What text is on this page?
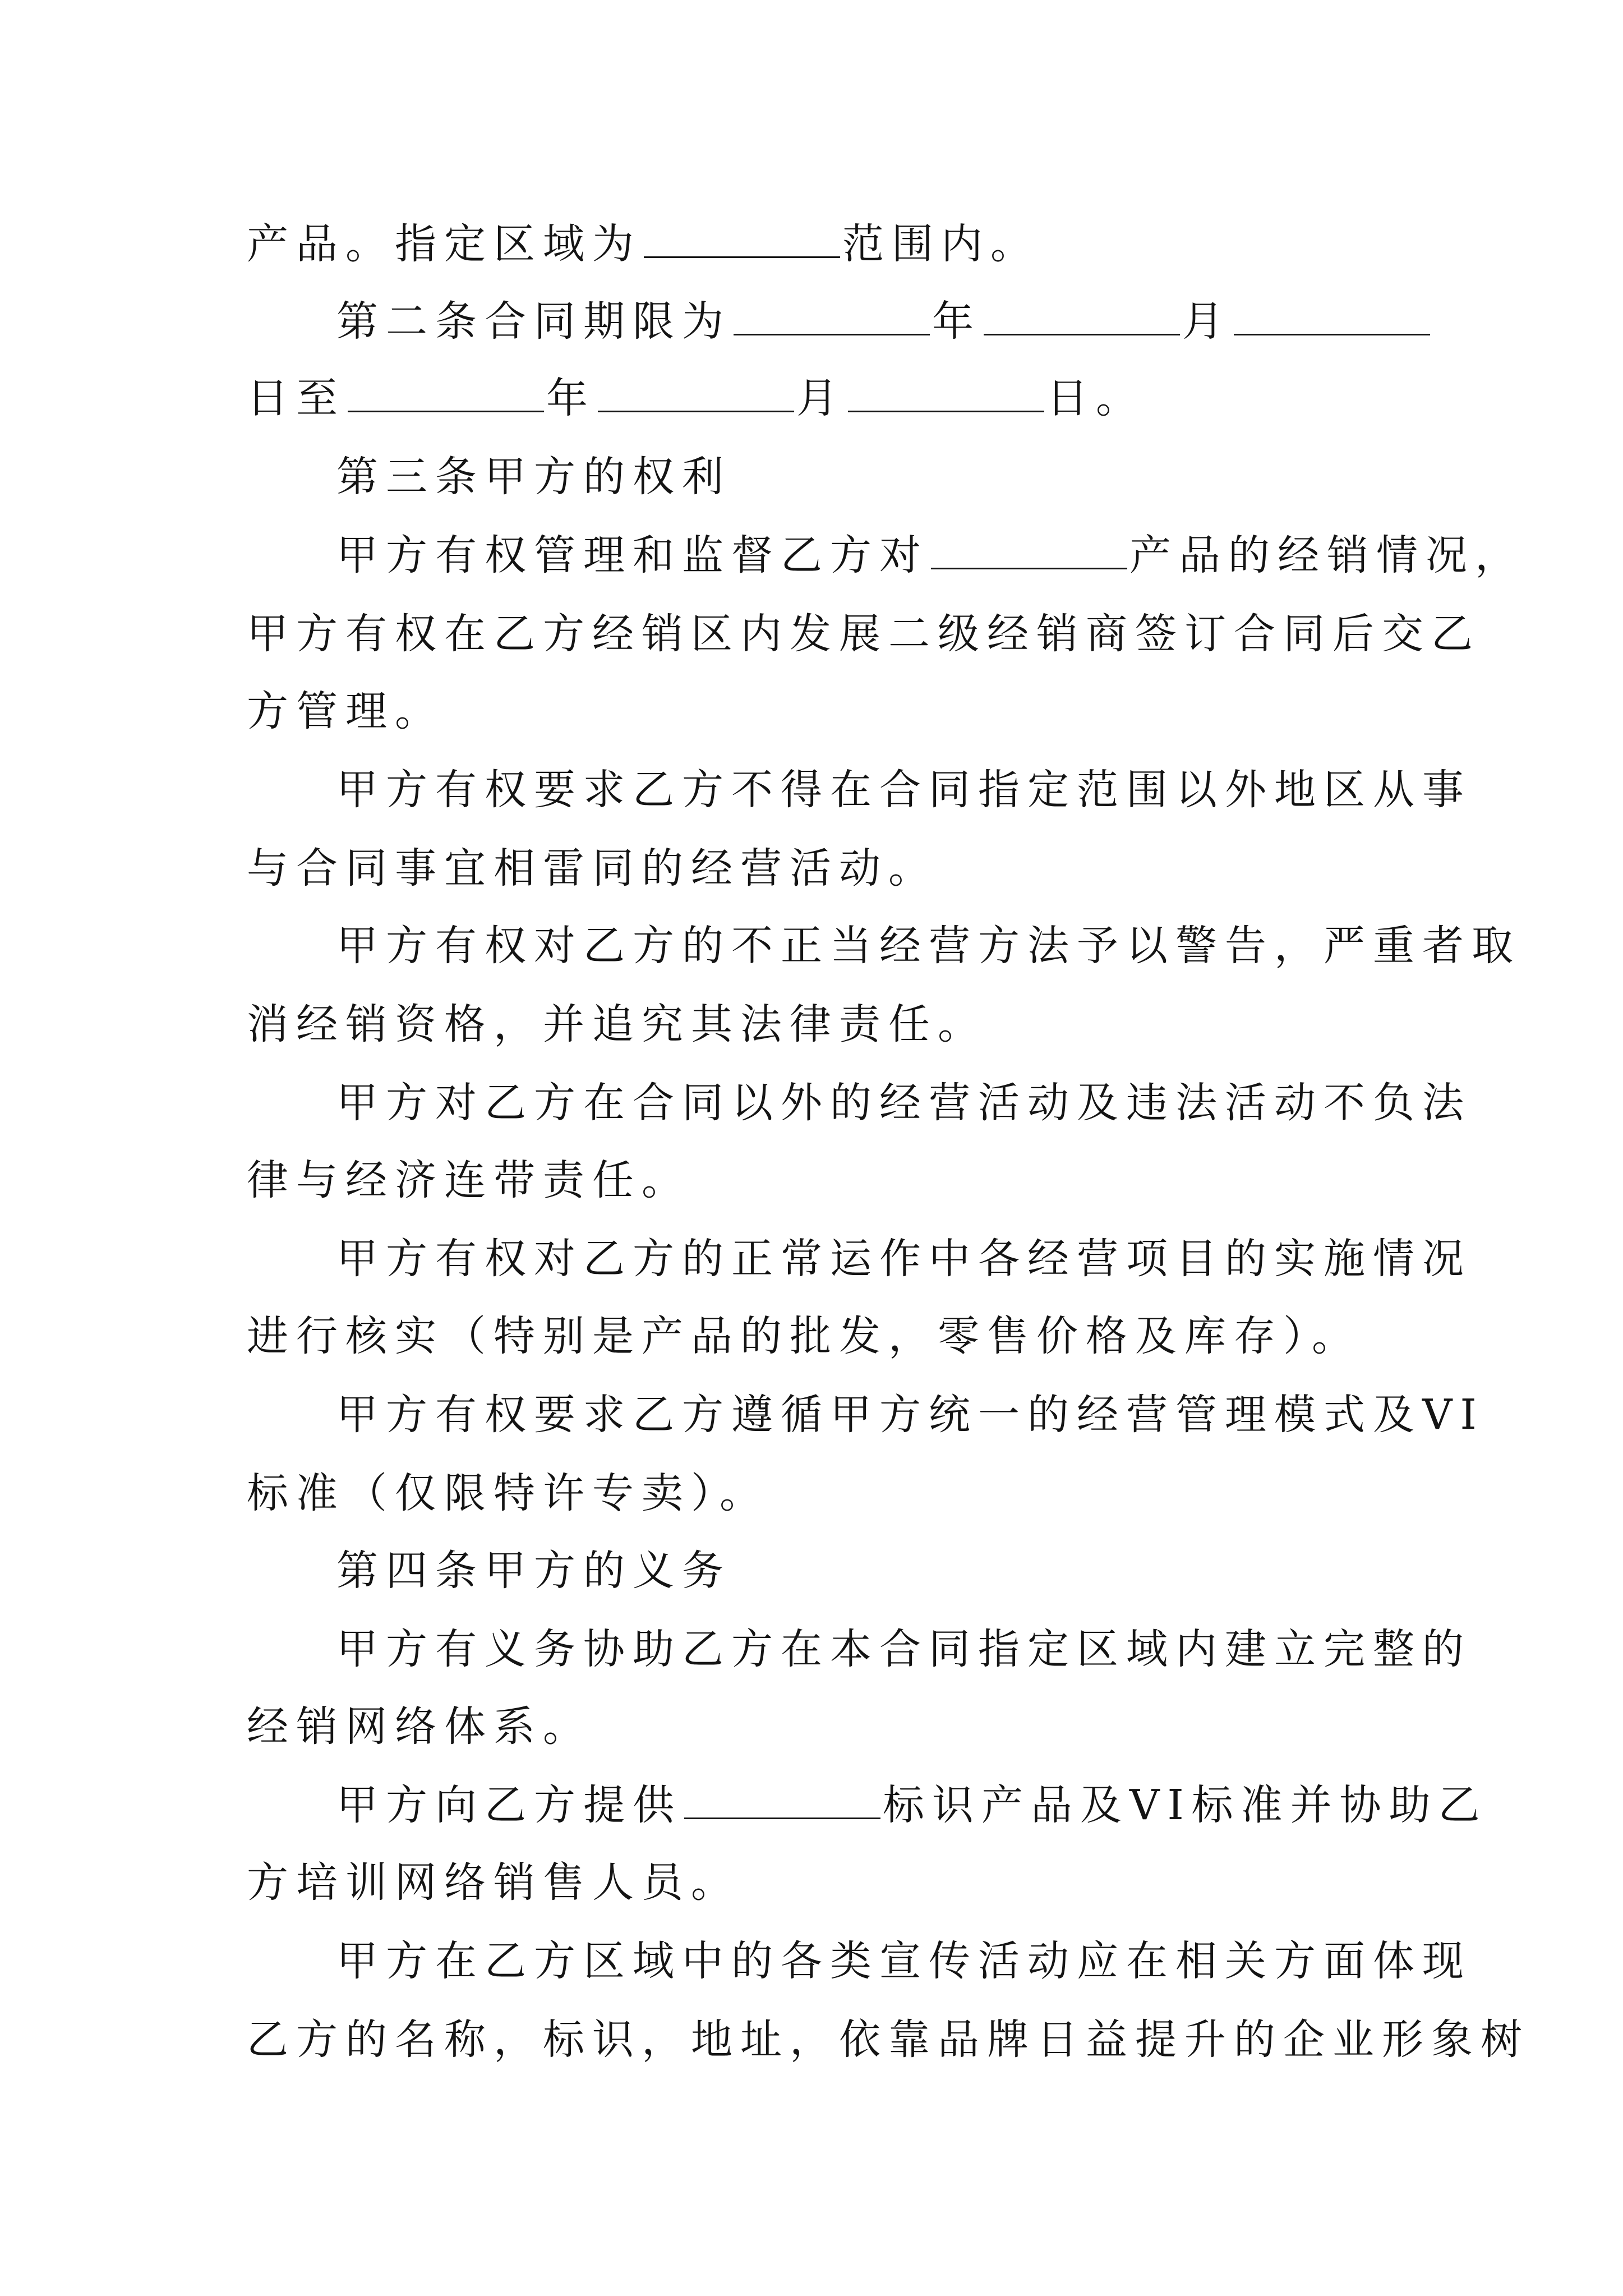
产品。指定区域为	范围内。
第二条合同期限为	年	月
日至	年	月	日。
第三条甲方的权利
甲方有权管理和监督乙方对	产品的经销情况，
甲方有权在乙方经销区内发展二级经销商签订合同后交乙
方管理。
甲方有权要求乙方不得在合同指定范围以外地区从事
与合同事宜相雷同的经营活动。
甲方有权对乙方的不正当经营方法予以警告，严重者取
消经销资格，并追究其法律责任。
甲方对乙方在合同以外的经营活动及违法活动不负法
律与经济连带责任。
甲方有权对乙方的正常运作中各经营项目的实施情况
进行核实（特别是产品的批发，零售价格及库存）。
甲方有权要求乙方遵循甲方统一的经营管理模式及VI
标准（仅限特许专卖）。
第四条甲方的义务
甲方有义务协助乙方在本合同指定区域内建立完整的
经销网络体系。
甲方向乙方提供	标识产品及VI标准并协助乙
方培训网络销售人员。
甲方在乙方区域中的各类宣传活动应在相关方面体现
乙方的名称，标识，地址，依靠品牌日益提升的企业形象树
